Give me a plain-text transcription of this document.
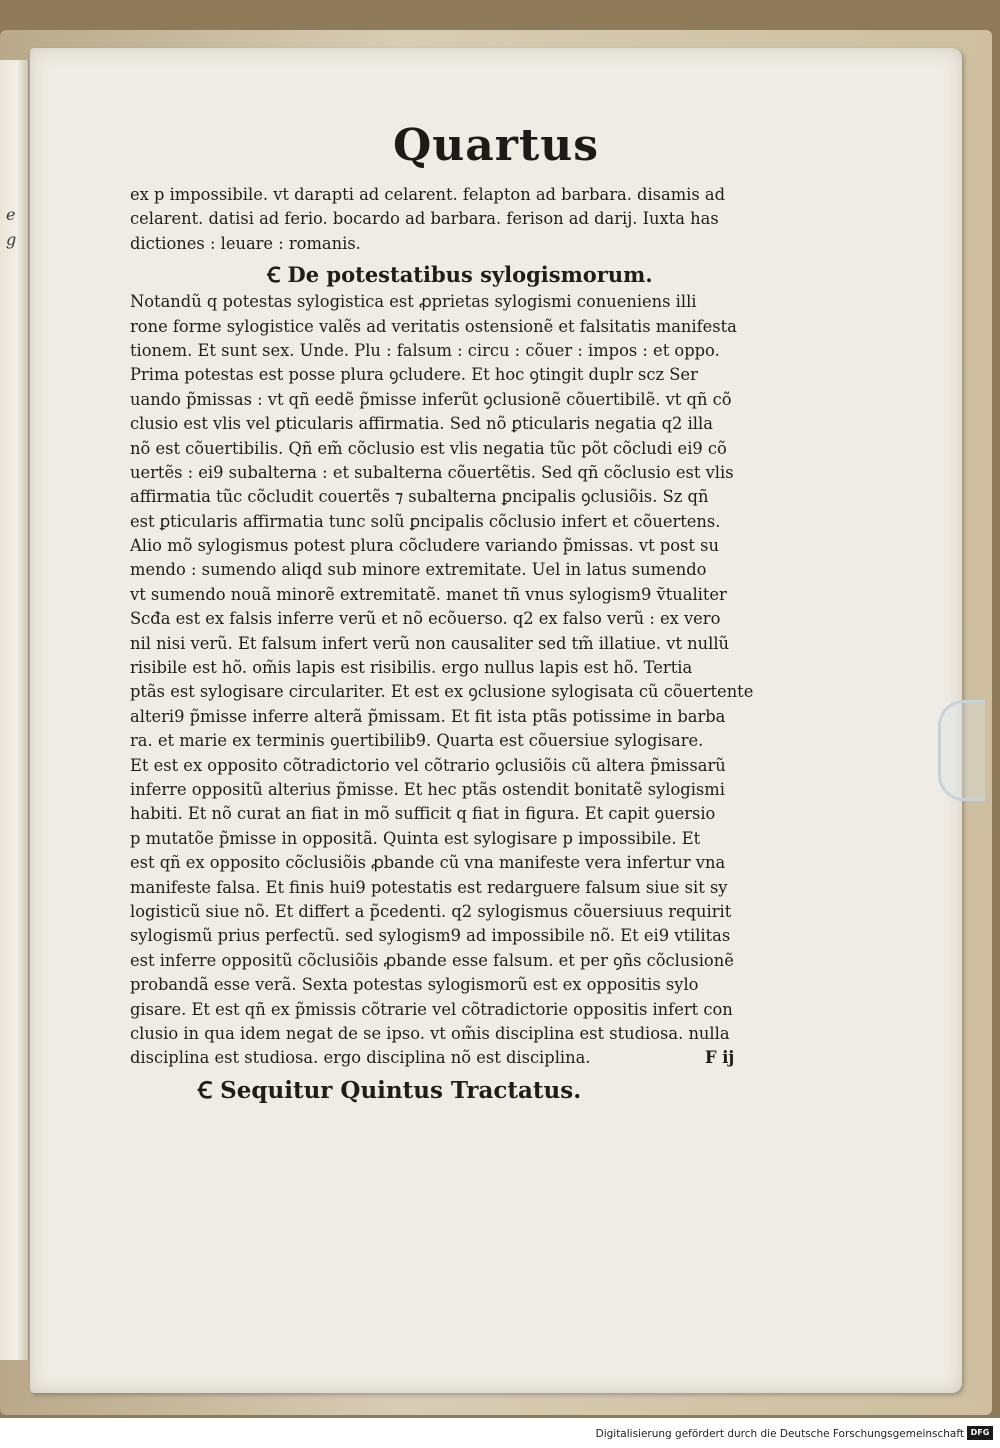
e
g
Quartus
ex p impossibile. vt darapti ad celarent. felapton ad barbara. disamis ad
celarent. datisi ad ferio. bocardo ad barbara. ferison ad darij. Iuxta has
dictiones : leuare : romanis.
Ꞓ De potestatibus sylogismorum.
Notandũ q potestas sylogistica est ꝓprietas sylogismi conueniens illi
rone forme sylogistice valẽs ad veritatis ostensionẽ et falsitatis manifesta
tionem. Et sunt sex. Unde. Plu : falsum : circu : cõuer : impos : et oppo.
Prima potestas est posse plura ꝯcludere. Et hoc ꝯtingit duplr scz Ser
uando p̃missas : vt qñ eedẽ p̃misse inferũt ꝯclusionẽ cõuertibilẽ. vt qñ cõ
clusio est vlis vel ꝑticularis affirmatia. Sed nõ ꝑticularis negatia q2 illa
nõ est cõuertibilis. Qñ em̃ cõclusio est vlis negatia tũc põt cõcludi ei9 cõ
uertẽs : ei9 subalterna : et subalterna cõuertẽtis. Sed qñ cõclusio est vlis
affirmatia tũc cõcludit couertẽs ⁊ subalterna ꝑncipalis ꝯclusiõis. Sz qñ
est ꝑticularis affirmatia tunc solũ ꝑncipalis cõclusio infert et cõuertens.
Alio mõ sylogismus potest plura cõcludere variando p̃missas. vt post su
mendo : sumendo aliqd sub minore extremitate. Uel in latus sumendo
vt sumendo nouã minorẽ extremitatẽ. manet tñ vnus sylogism9 ṽtualiter
Scđa est ex falsis inferre verũ et nõ ecõuerso. q2 ex falso verũ : ex vero
nil nisi verũ. Et falsum infert verũ non causaliter sed tm̃ illatiue. vt nullũ
risibile est hõ. om̃is lapis est risibilis. ergo nullus lapis est hõ. Tertia
ptãs est sylogisare circulariter. Et est ex ꝯclusione sylogisata cũ cõuertente
alteri9 p̃misse inferre alterã p̃missam. Et fit ista ptãs potissime in barba
ra. et marie ex terminis ꝯuertibilib9. Quarta est cõuersiue sylogisare.
Et est ex opposito cõtradictorio vel cõtrario ꝯclusiõis cũ altera p̃missarũ
inferre oppositũ alterius p̃misse. Et hec ptãs ostendit bonitatẽ sylogismi
habiti. Et nõ curat an fiat in mõ sufficit q fiat in figura. Et capit ꝯuersio
p mutatõe p̃misse in oppositã. Quinta est sylogisare p impossibile. Et
est qñ ex opposito cõclusiõis ꝓbande cũ vna manifeste vera infertur vna
manifeste falsa. Et finis hui9 potestatis est redarguere falsum siue sit sy
logisticũ siue nõ. Et differt a p̃cedenti. q2 sylogismus cõuersiuus requirit
sylogismũ prius perfectũ. sed sylogism9 ad impossibile nõ. Et ei9 vtilitas
est inferre oppositũ cõclusiõis ꝓbande esse falsum. et per ꝯñs cõclusionẽ
probandã esse verã. Sexta potestas sylogismorũ est ex oppositis sylo
gisare. Et est qñ ex p̃missis cõtrarie vel cõtradictorie oppositis infert con
clusio in qua idem negat de se ipso. vt om̃is disciplina est studiosa. nulla
disciplina est studiosa. ergo disciplina nõ est disciplina.	F ij
Ꞓ Sequitur Quintus Tractatus.
Digitalisierung gefördert durch die Deutsche Forschungsgemeinschaft DFG
